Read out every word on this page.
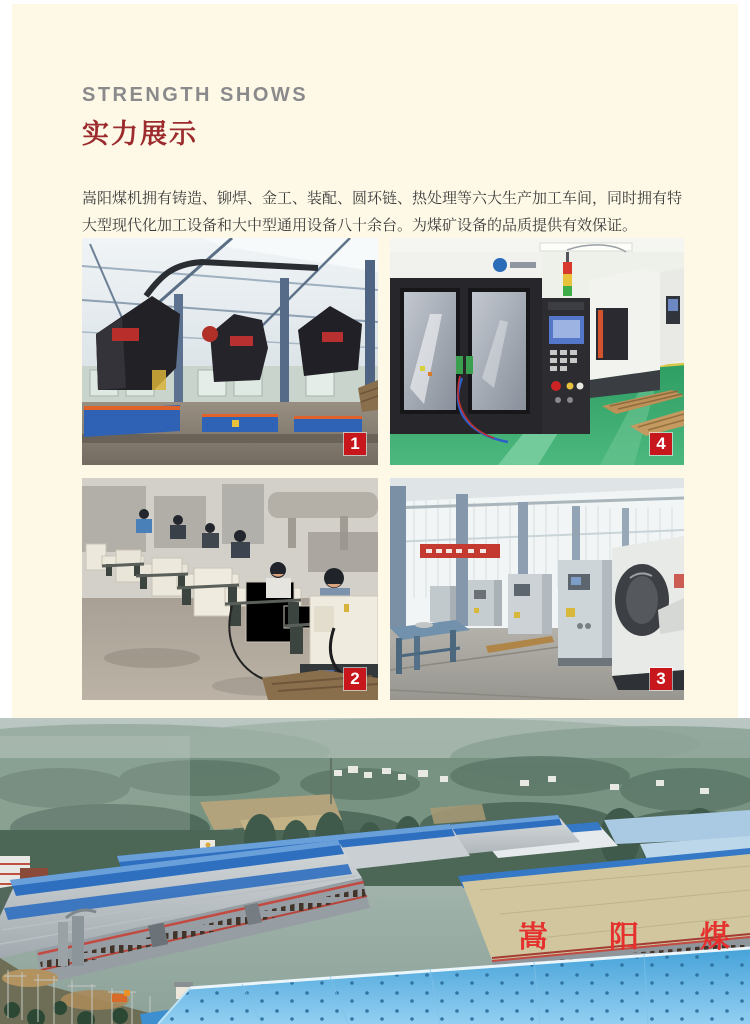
STRENGTH SHOWS
实力展示

嵩阳煤机拥有铸造、铆焊、金工、装配、圆环链、热处理等六大生产加工车间，同时拥有特大型现代化加工设备和大中型通用设备八十余台。为煤矿设备的品质提供有效保证。

1	4
2	3
嵩 阳 煤
